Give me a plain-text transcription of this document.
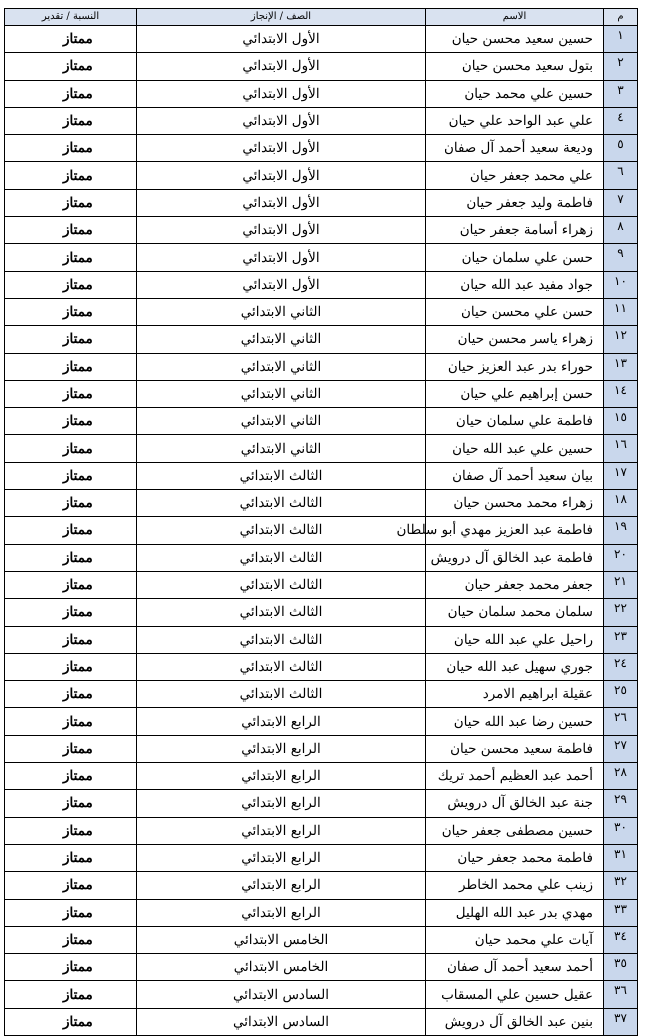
م	الاسم	الصف / الإنجاز	النسبة / تقدير
١	حسين سعيد محسن حيان	الأول الابتدائي	ممتاز
٢	بتول سعيد محسن حيان	الأول الابتدائي	ممتاز
٣	حسين علي محمد حيان	الأول الابتدائي	ممتاز
٤	علي عبد الواحد علي حيان	الأول الابتدائي	ممتاز
٥	وديعة سعيد أحمد آل صفان	الأول الابتدائي	ممتاز
٦	علي محمد جعفر حيان	الأول الابتدائي	ممتاز
٧	فاطمة وليد جعفر حيان	الأول الابتدائي	ممتاز
٨	زهراء أسامة جعفر حيان	الأول الابتدائي	ممتاز
٩	حسن علي سلمان حيان	الأول الابتدائي	ممتاز
١٠	جواد مفيد عبد الله حيان	الأول الابتدائي	ممتاز
١١	حسن علي محسن حيان	الثاني الابتدائي	ممتاز
١٢	زهراء ياسر محسن حيان	الثاني الابتدائي	ممتاز
١٣	حوراء بدر عبد العزيز حيان	الثاني الابتدائي	ممتاز
١٤	حسن إبراهيم علي حيان	الثاني الابتدائي	ممتاز
١٥	فاطمة علي سلمان حيان	الثاني الابتدائي	ممتاز
١٦	حسين علي عبد الله حيان	الثاني الابتدائي	ممتاز
١٧	بيان سعيد أحمد آل صفان	الثالث الابتدائي	ممتاز
١٨	زهراء محمد محسن حيان	الثالث الابتدائي	ممتاز
١٩	فاطمة عبد العزيز مهدي أبو سلطان	الثالث الابتدائي	ممتاز
٢٠	فاطمة عبد الخالق آل درويش	الثالث الابتدائي	ممتاز
٢١	جعفر محمد جعفر حيان	الثالث الابتدائي	ممتاز
٢٢	سلمان محمد سلمان حيان	الثالث الابتدائي	ممتاز
٢٣	راحيل علي عبد الله حيان	الثالث الابتدائي	ممتاز
٢٤	جوري سهيل عبد الله حيان	الثالث الابتدائي	ممتاز
٢٥	عقيلة ابراهيم الامرد	الثالث الابتدائي	ممتاز
٢٦	حسين رضا عبد الله حيان	الرابع الابتدائي	ممتاز
٢٧	فاطمة سعيد محسن حيان	الرابع الابتدائي	ممتاز
٢٨	أحمد عبد العظيم أحمد تريك	الرابع الابتدائي	ممتاز
٢٩	جنة عبد الخالق آل درويش	الرابع الابتدائي	ممتاز
٣٠	حسين مصطفى جعفر حيان	الرابع الابتدائي	ممتاز
٣١	فاطمة محمد جعفر حيان	الرابع الابتدائي	ممتاز
٣٢	زينب علي محمد الخاطر	الرابع الابتدائي	ممتاز
٣٣	مهدي بدر عبد الله الهليل	الرابع الابتدائي	ممتاز
٣٤	آيات علي محمد حيان	الخامس الابتدائي	ممتاز
٣٥	أحمد سعيد أحمد آل صفان	الخامس الابتدائي	ممتاز
٣٦	عقيل حسين علي المسقاب	السادس الابتدائي	ممتاز
٣٧	بنين عبد الخالق آل درويش	السادس الابتدائي	ممتاز
